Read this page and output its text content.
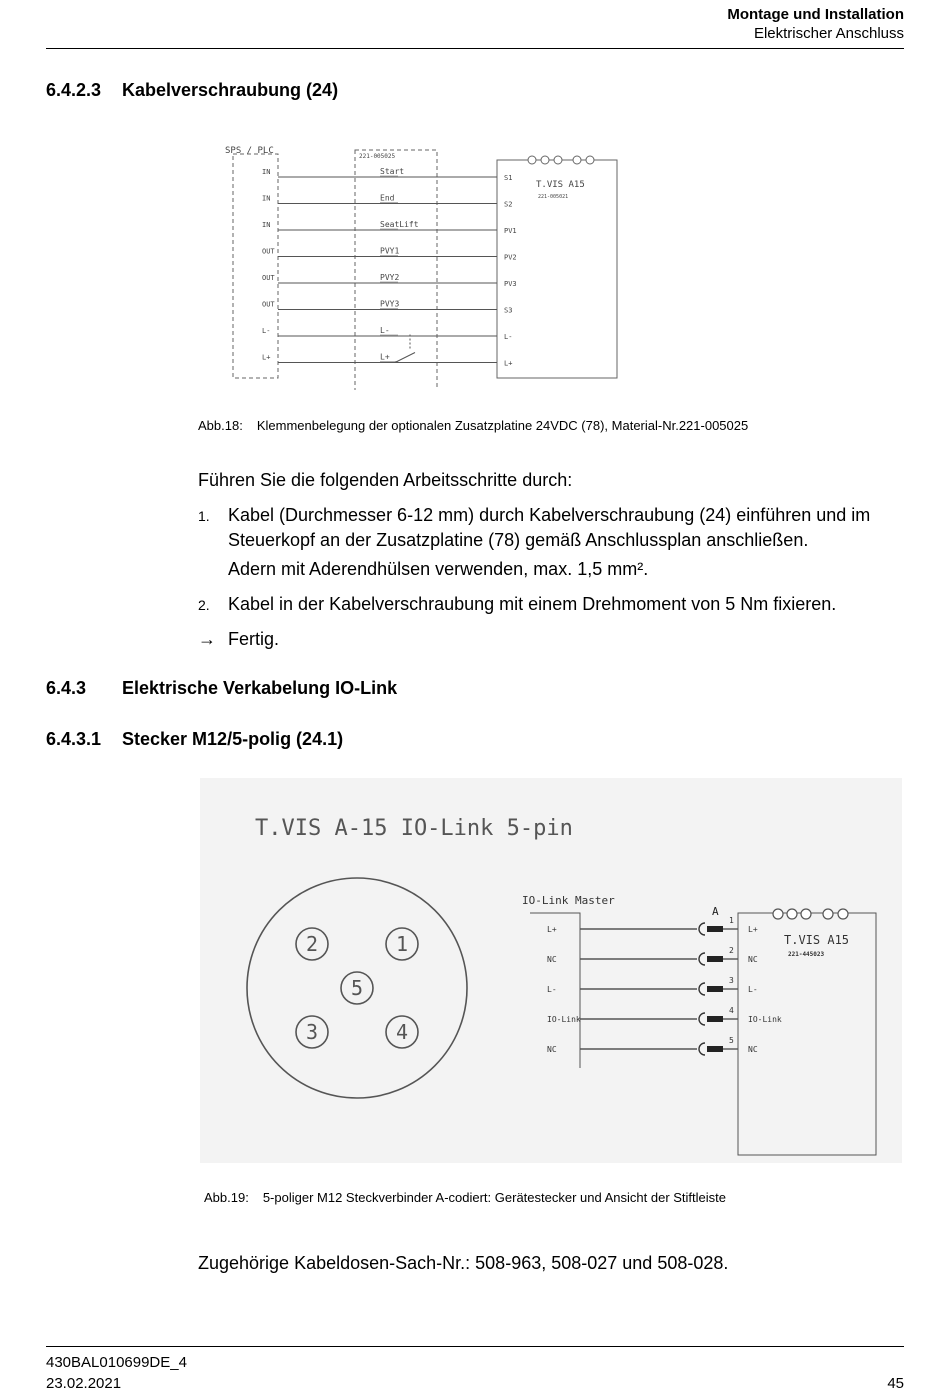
Montage und Installation
Elektrischer Anschluss
6.4.2.3 Kabelverschraubung (24)
SPS / PLC
221-005025
T.VIS A15
221-005021
IN	Start
S1
IN	End
S2
IN	SeatLift
PV1
OUT	PVY1
PV2
OUT	PVY2
PV3
OUT	PVY3
S3
L-	L-
L-
L+	L+
L+
Abb.18: Klemmenbelegung der optionalen Zusatzplatine 24VDC (78), Material-Nr.221-005025
Führen Sie die folgenden Arbeitsschritte durch:
1. Kabel (Durchmesser 6-12 mm) durch Kabelverschraubung (24) einführen und im Steuerkopf an der Zusatzplatine (78) gemäß Anschlussplan anschließen.
Adern mit Aderendhülsen verwenden, max. 1,5 mm².
2. Kabel in der Kabelverschraubung mit einem Drehmoment von 5 Nm fixieren.
→ Fertig.
6.4.3 Elektrische Verkabelung IO-Link
6.4.3.1 Stecker M12/5-polig (24.1)
T.VIS A-15 IO-Link 5-pin
1
2
3	4
5
IO-Link Master
A
T.VIS A15
221-445023
L+
1
L+
NC
2
NC
L-
3
L-
IO-Link
4
IO-Link
NC
5
NC
Abb.19: 5-poliger M12 Steckverbinder A-codiert: Gerätestecker und Ansicht der Stiftleiste
Zugehörige Kabeldosen-Sach-Nr.: 508-963, 508-027 und 508-028.
430BAL010699DE_4
23.02.2021	45
